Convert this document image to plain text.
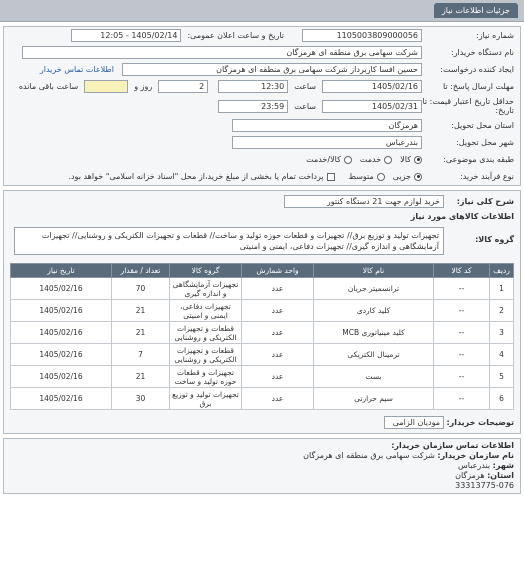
جزئیات اطلاعات نیاز
شماره نیاز:
1105003809000056
تاریخ و ساعت اعلان عمومی:
1405/02/14 - 12:05
نام دستگاه خریدار:
شرکت سهامی برق منطقه ای هرمزگان
ایجاد کننده درخواست:
حسین افسا کاربرداز شرکت سهامی برق منطقه ای هرمزگان
اطلاعات تماس خریدار
مهلت ارسال پاسخ: تا
1405/02/16
ساعت
12:30
2
روز و
ساعت باقی مانده
حداقل تاریخ اعتبار قیمت: تا تاریخ:
1405/02/31
ساعت
23:59
استان محل تحویل:
هرمزگان
شهر محل تحویل:
بندرعباس
طبقه بندی موضوعی:
کالا
خدمت
کالا/خدمت
نوع فرآیند خرید:
جزیی
متوسط
پرداخت تمام یا بخشی از مبلغ خرید،از محل "اسناد خزانه اسلامی" خواهد بود.
شرح کلی نیاز:
خرید لوازم جهت 21 دستگاه کنتور
اطلاعات کالاهای مورد نیاز
گروه کالا:
تجهیزات تولید و توزیع برق// تجهیزات و قطعات حوزه تولید و ساخت// قطعات و تجهیزات الکتریکی و روشنایی// تجهیزات آزمایشگاهی و اندازه گیری// تجهیزات دفاعی، ایمنی و امنیتی
ردیف	کد کالا	نام کالا	واحد شمارش	گروه کالا	تعداد / مقدار	تاریخ نیاز
1	--	ترانسمیتر جریان	عدد	تجهیزات آزمایشگاهی و اندازه گیری	70	1405/02/16
2	--	کلید کاردی	عدد	تجهیزات دفاعی، ایمنی و امنیتی	21	1405/02/16
3	--	کلید مینیاتوری MCB	عدد	قطعات و تجهیزات الکتریکی و روشنایی	21	1405/02/16
4	--	ترمینال الکتریکی	عدد	قطعات و تجهیزات الکتریکی و روشنایی	7	1405/02/16
5	--	بست	عدد	تجهیزات و قطعات حوزه تولید و ساخت	21	1405/02/16
6	--	سیم حرارتی	عدد	تجهیزات تولید و توزیع برق	30	1405/02/16
توضیحات خریدار:
مودیان الزامی
اطلاعات تماس سازمان خریدار:
نام سازمان خریدار: شرکت سهامی برق منطقه ای هرمزگان
شهر: بندرعباس
استان: هرمزگان
33313775-076
